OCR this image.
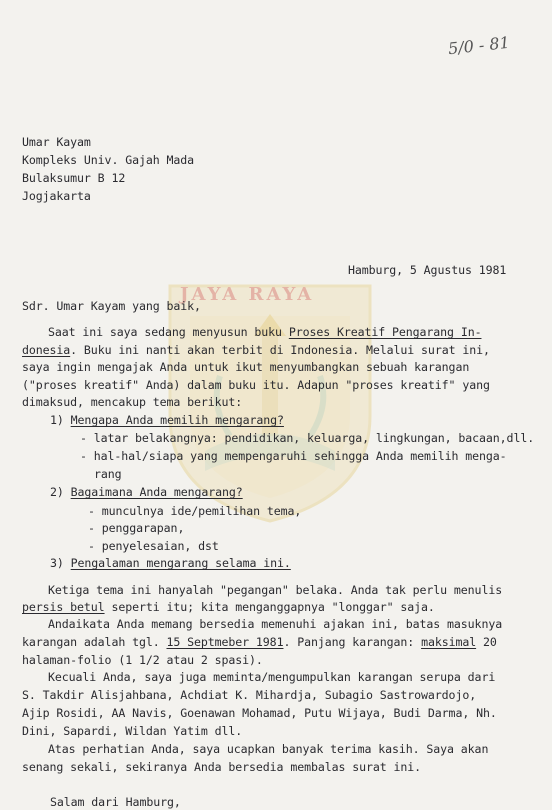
JAYA RAYA
5/0 - 81
Umar Kayam
Kompleks Univ. Gajah Mada
Bulaksumur B 12
Jogjakarta
Hamburg, 5 Agustus 1981
Sdr. Umar Kayam yang baik,
Saat ini saya sedang menyusun buku Proses Kreatif Pengarang In-
donesia. Buku ini nanti akan terbit di Indonesia. Melalui surat ini,
saya ingin mengajak Anda untuk ikut menyumbangkan sebuah karangan
("proses kreatif" Anda) dalam buku itu. Adapun "proses kreatif" yang
dimaksud, mencakup tema berikut:
1) Mengapa Anda memilih mengarang?
- latar belakangnya: pendidikan, keluarga, lingkungan, bacaan,dll.
- hal-hal/siapa yang mempengaruhi sehingga Anda memilih menga-
rang
2) Bagaimana Anda mengarang?
- munculnya ide/pemilihan tema,
- penggarapan,
- penyelesaian, dst
3) Pengalaman mengarang selama ini.
Ketiga tema ini hanyalah "pegangan" belaka. Anda tak perlu menulis
persis betul seperti itu; kita menganggapnya "longgar" saja.
Andaikata Anda memang bersedia memenuhi ajakan ini, batas masuknya
karangan adalah tgl. 15 Septmeber 1981. Panjang karangan: maksimal 20
halaman-folio (1 1/2 atau 2 spasi).
Kecuali Anda, saya juga meminta/mengumpulkan karangan serupa dari
S. Takdir Alisjahbana, Achdiat K. Mihardja, Subagio Sastrowardojo,
Ajip Rosidi, AA Navis, Goenawan Mohamad, Putu Wijaya, Budi Darma, Nh.
Dini, Sapardi, Wildan Yatim dll.
Atas perhatian Anda, saya ucapkan banyak terima kasih. Saya akan
senang sekali, sekiranya Anda bersedia membalas surat ini.
Salam dari Hamburg,
